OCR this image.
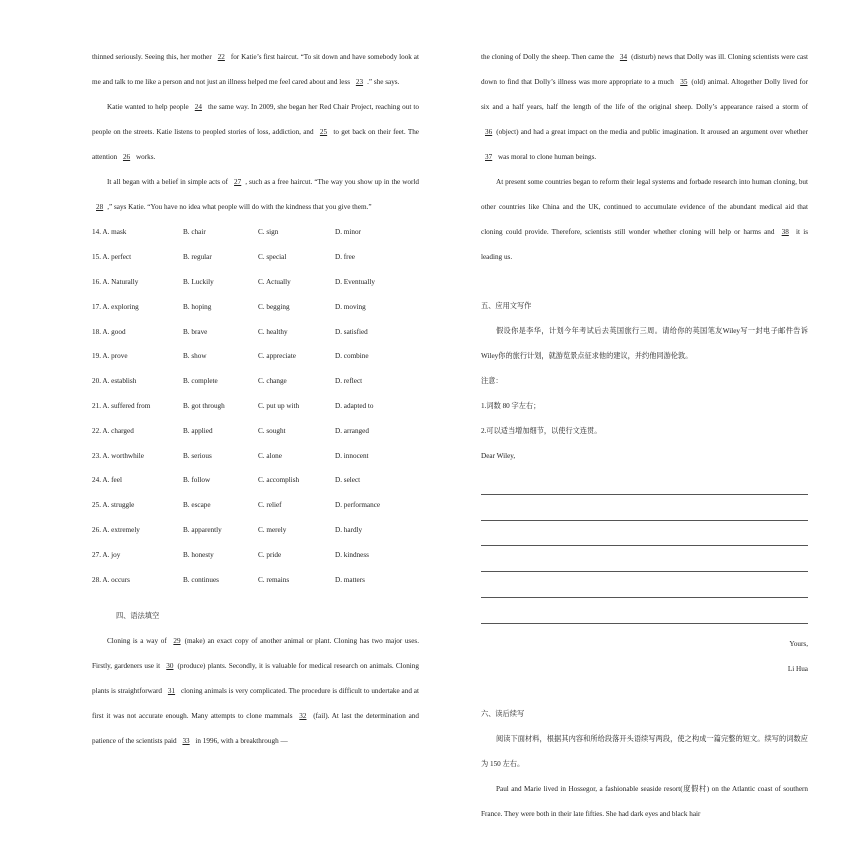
thinned seriously. Seeing this, her mother 22 for Katie’s first haircut. “To sit down and have somebody look at me and talk to me like a person and not just an illness helped me feel cared about and less 23 .” she says.

Katie wanted to help people 24 the same way. In 2009, she began her Red Chair Project, reaching out to people on the streets. Katie listens to peopled stories of loss, addiction, and 25 to get back on their feet. The attention 26 works.

It all began with a belief in simple acts of 27 , such as a free haircut. “The way you show up in the world 28 ,” says Katie. “You have no idea what people will do with the kindness that you give them.”

14. A. mask	B. chair	C. sign	D. minor
15. A. perfect	B. regular	C. special	D. free
16. A. Naturally	B. Luckily	C. Actually	D. Eventually
17. A. exploring	B. hoping	C. begging	D. moving
18. A. good	B. brave	C. healthy	D. satisfied
19. A. prove	B. show	C. appreciate	D. combine
20. A. establish	B. complete	C. change	D. reflect
21. A. suffered from	B. got through	C. put up with	D. adapted to
22. A. charged	B. applied	C. sought	D. arranged
23. A. worthwhile	B. serious	C. alone	D. innocent
24. A. feel	B. follow	C. accomplish	D. select
25. A. struggle	B. escape	C. relief	D. performance
26. A. extremely	B. apparently	C. merely	D. hardly
27. A. joy	B. honesty	C. pride	D. kindness
28. A. occurs	B. continues	C. remains	D. matters

四、语法填空

Cloning is a way of 29 (make) an exact copy of another animal or plant. Cloning has two major uses. Firstly, gardeners use it 30 (produce) plants. Secondly, it is valuable for medical research on animals. Cloning plants is straightforward 31 cloning animals is very complicated. The procedure is difficult to undertake and at first it was not accurate enough. Many attempts to clone mammals 32 (fail). At last the determination and patience of the scientists paid 33 in 1996, with a breakthrough —

the cloning of Dolly the sheep. Then came the 34 (disturb) news that Dolly was ill. Cloning scientists were cast down to find that Dolly’s illness was more appropriate to a much 35 (old) animal. Altogether Dolly lived for six and a half years, half the length of the life of the original sheep. Dolly’s appearance raised a storm of 36 (object) and had a great impact on the media and public imagination. It aroused an argument over whether 37 was moral to clone human beings.

At present some countries began to reform their legal systems and forbade research into human cloning, but other countries like China and the UK, continued to accumulate evidence of the abundant medical aid that cloning could provide. Therefore, scientists still wonder whether cloning will help or harms and 38 it is leading us.

五、应用文写作

假设你是李华，计划今年考试后去英国旅行三周。请给你的英国笔友Wiley写一封电子邮件告诉Wiley你的旅行计划，就游览景点征求他的建议，并约他同游伦敦。

注意：

1.词数 80 字左右；

2.可以适当增加细节，以使行文连贯。

Dear Wiley,

Yours,

Li Hua

六、读后续写

阅读下面材料，根据其内容和所给段落开头语续写两段，使之构成一篇完整的短文。续写的词数应为 150 左右。

Paul and Marie lived in Hossegor, a fashionable seaside resort(度假村) on the Atlantic coast of southern France. They were both in their late fifties. She had dark eyes and black hair
